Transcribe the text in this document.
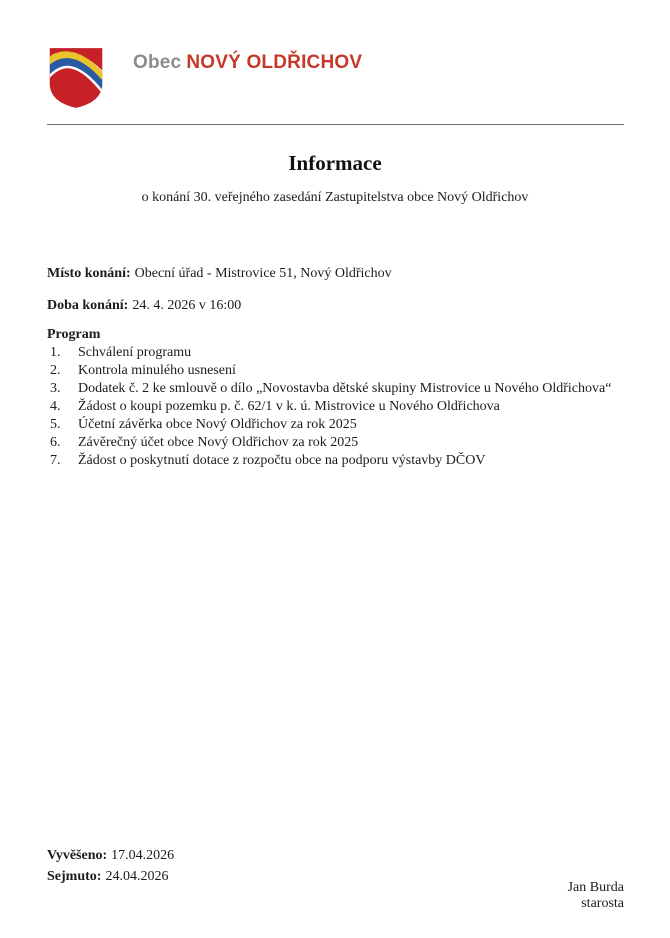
Obec NOVÝ OLDŘICHOV
Informace
o konání 30. veřejného zasedání Zastupitelstva obce Nový Oldřichov
Místo konání: Obecní úřad - Mistrovice 51, Nový Oldřichov
Doba konání: 24. 4. 2026 v 16:00
Program
1. Schválení programu
2. Kontrola minulého usnesení
3. Dodatek č. 2 ke smlouvě o dílo „Novostavba dětské skupiny Mistrovice u Nového Oldřichova“
4. Žádost o koupi pozemku p. č. 62/1 v k. ú. Mistrovice u Nového Oldřichova
5. Účetní závěrka obce Nový Oldřichov za rok 2025
6. Závěrečný účet obce Nový Oldřichov za rok 2025
7. Žádost o poskytnutí dotace z rozpočtu obce na podporu výstavby DČOV
Vyvěšeno: 17.04.2026
Sejmuto: 24.04.2026
Jan Burda
starosta
